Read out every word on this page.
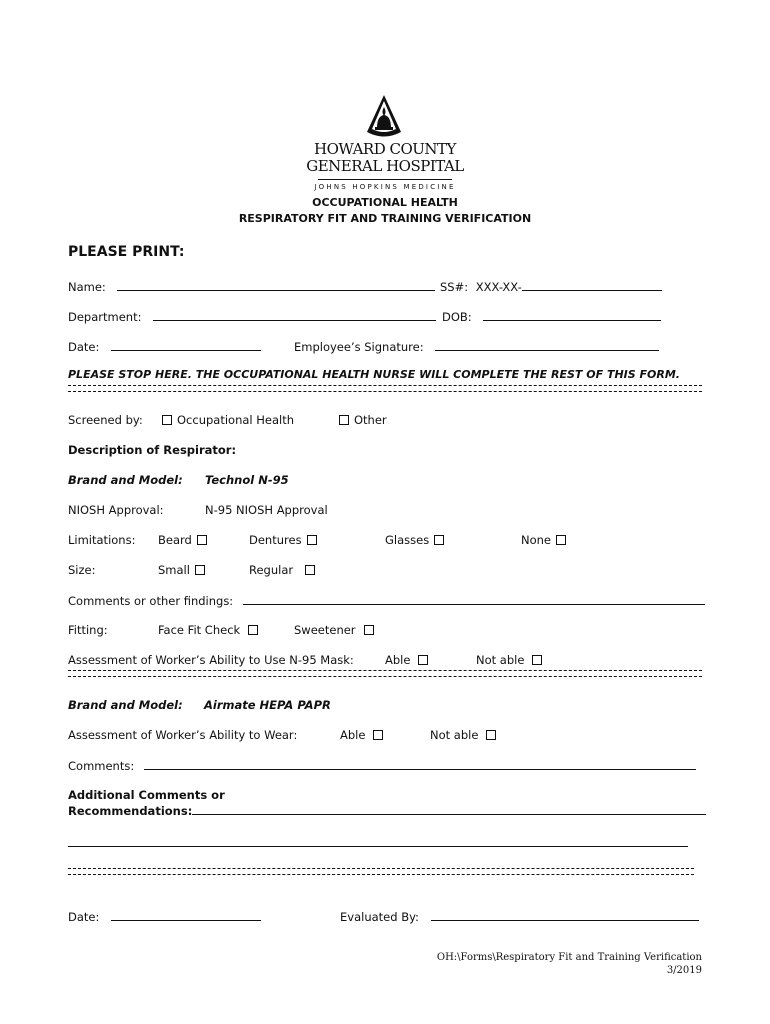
HOWARD COUNTY
GENERAL HOSPITAL
JOHNS HOPKINS MEDICINE
OCCUPATIONAL HEALTH
RESPIRATORY FIT AND TRAINING VERIFICATION
PLEASE PRINT:
Name:	SS#: XXX-XX-
Department:	DOB:
Date:	Employee’s Signature:
PLEASE STOP HERE. THE OCCUPATIONAL HEALTH NURSE WILL COMPLETE THE REST OF THIS FORM.
Screened by:	Occupational Health	Other
Description of Respirator:
Brand and Model: Technol N-95
NIOSH Approval:	N-95 NIOSH Approval
Limitations: Beard	Dentures	Glasses	None
Size:	Small	Regular
Comments or other findings:
Fitting:	Face Fit Check	Sweetener
Assessment of Worker’s Ability to Use N-95 Mask:	Able	Not able
Brand and Model: Airmate HEPA PAPR
Assessment of Worker’s Ability to Wear:	Able	Not able
Comments:
Additional Comments or
Recommendations:
Date:	Evaluated By:
OH:\Forms\Respiratory Fit and Training Verification
3/2019
